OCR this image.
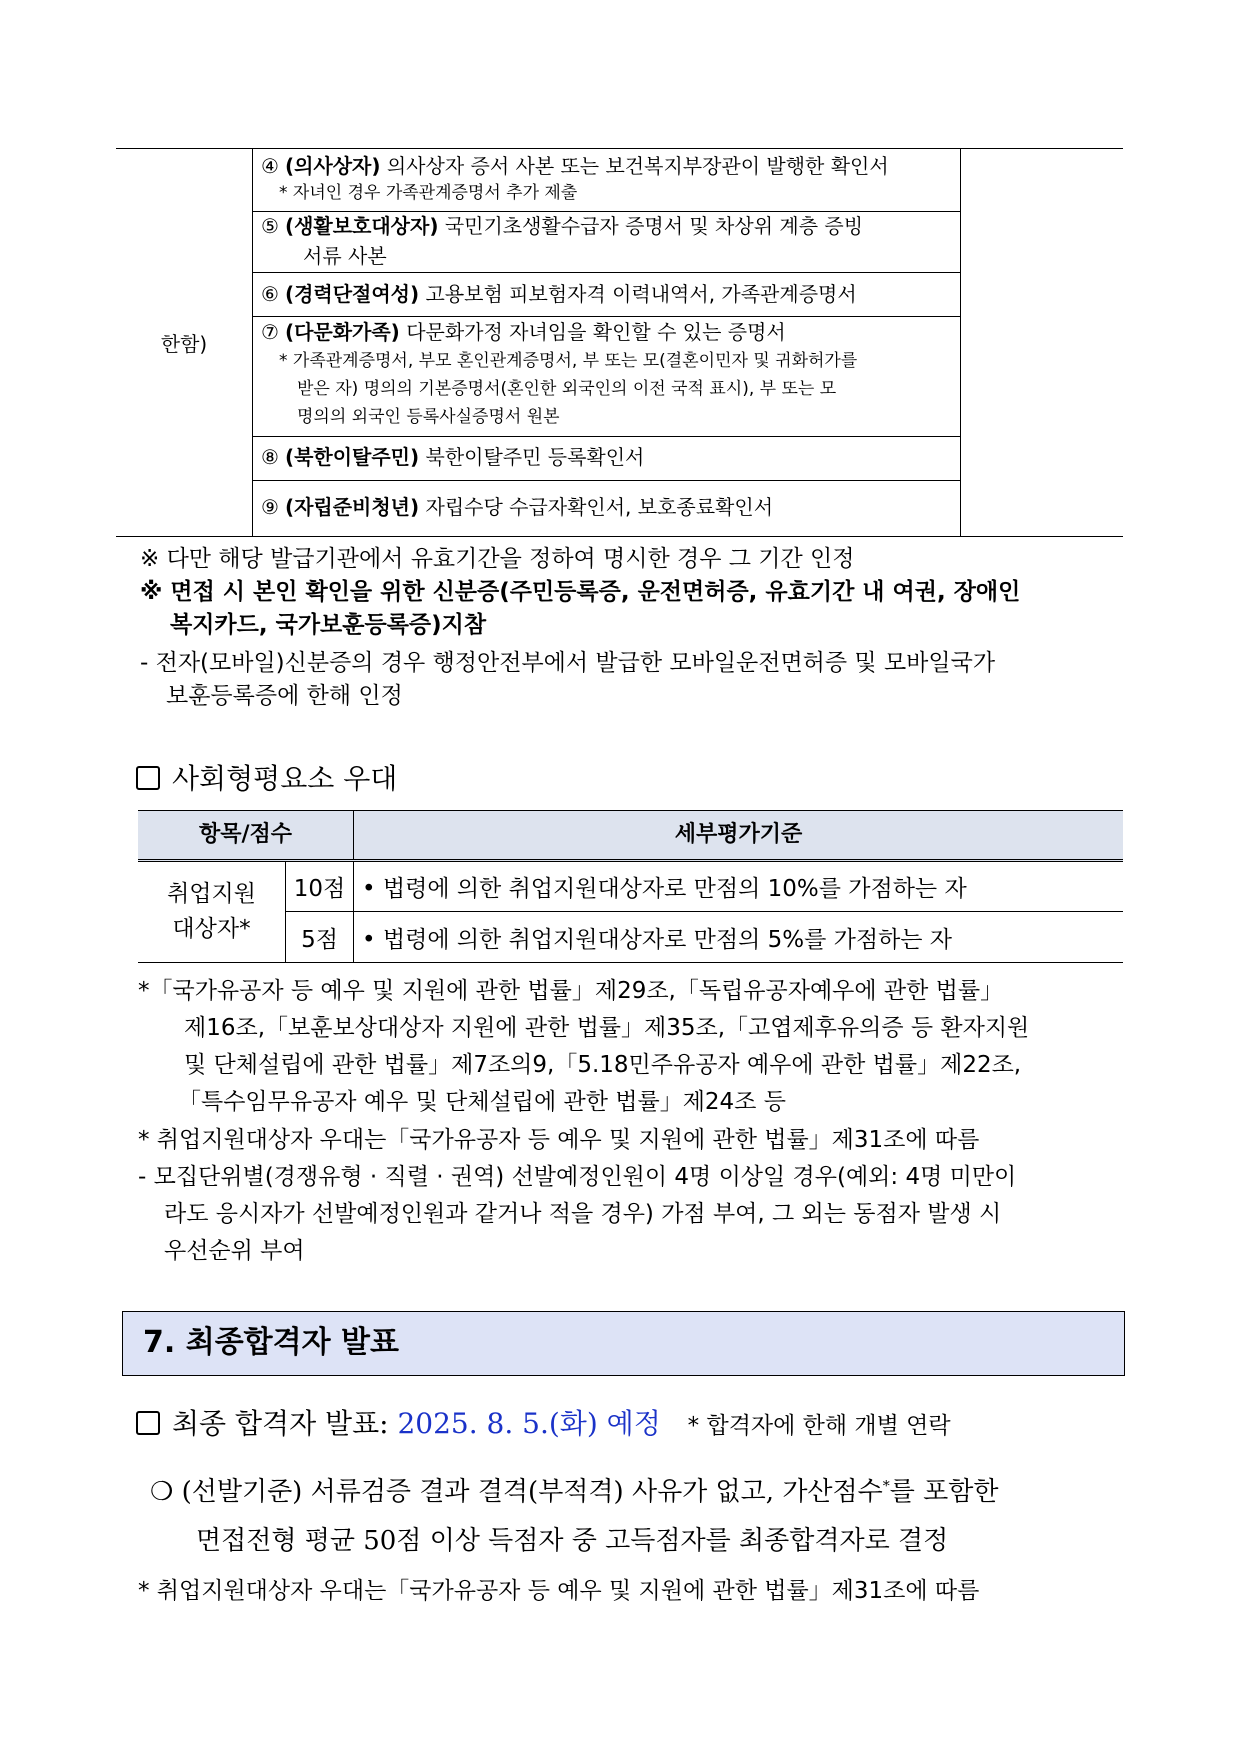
한함)
④ (의사상자) 의사상자 증서 사본 또는 보건복지부장관이 발행한 확인서
* 자녀인 경우 가족관계증명서 추가 제출
⑤ (생활보호대상자) 국민기초생활수급자 증명서 및 차상위 계층 증빙
서류 사본
⑥ (경력단절여성) 고용보험 피보험자격 이력내역서, 가족관계증명서
⑦ (다문화가족) 다문화가정 자녀임을 확인할 수 있는 증명서
* 가족관계증명서, 부모 혼인관계증명서, 부 또는 모(결혼이민자 및 귀화허가를
받은 자) 명의의 기본증명서(혼인한 외국인의 이전 국적 표시), 부 또는 모
명의의 외국인 등록사실증명서 원본
⑧ (북한이탈주민) 북한이탈주민 등록확인서
⑨ (자립준비청년) 자립수당 수급자확인서, 보호종료확인서
※ 다만 해당 발급기관에서 유효기간을 정하여 명시한 경우 그 기간 인정
※ 면접 시 본인 확인을 위한 신분증(주민등록증, 운전면허증, 유효기간 내 여권, 장애인
복지카드, 국가보훈등록증)지참
- 전자(모바일)신분증의 경우 행정안전부에서 발급한 모바일운전면허증 및 모바일국가
보훈등록증에 한해 인정
사회형평요소 우대
항목/점수	세부평가기준
취업지원
대상자*
10점 • 법령에 의한 취업지원대상자로 만점의 10%를 가점하는 자
5점 • 법령에 의한 취업지원대상자로 만점의 5%를 가점하는 자
*「국가유공자 등 예우 및 지원에 관한 법률」제29조,「독립유공자예우에 관한 법률」
제16조,「보훈보상대상자 지원에 관한 법률」제35조,「고엽제후유의증 등 환자지원
및 단체설립에 관한 법률」제7조의9,「5.18민주유공자 예우에 관한 법률」제22조,
「특수임무유공자 예우 및 단체설립에 관한 법률」제24조 등
* 취업지원대상자 우대는「국가유공자 등 예우 및 지원에 관한 법률」제31조에 따름
- 모집단위별(경쟁유형 · 직렬 · 권역) 선발예정인원이 4명 이상일 경우(예외: 4명 미만이
라도 응시자가 선발예정인원과 같거나 적을 경우) 가점 부여, 그 외는 동점자 발생 시
우선순위 부여
7. 최종합격자 발표
최종 합격자 발표: 2025. 8. 5.(화) 예정 * 합격자에 한해 개별 연락
❍ (선발기준) 서류검증 결과 결격(부적격) 사유가 없고, 가산점수*를 포함한
면접전형 평균 50점 이상 득점자 중 고득점자를 최종합격자로 결정
* 취업지원대상자 우대는「국가유공자 등 예우 및 지원에 관한 법률」제31조에 따름
